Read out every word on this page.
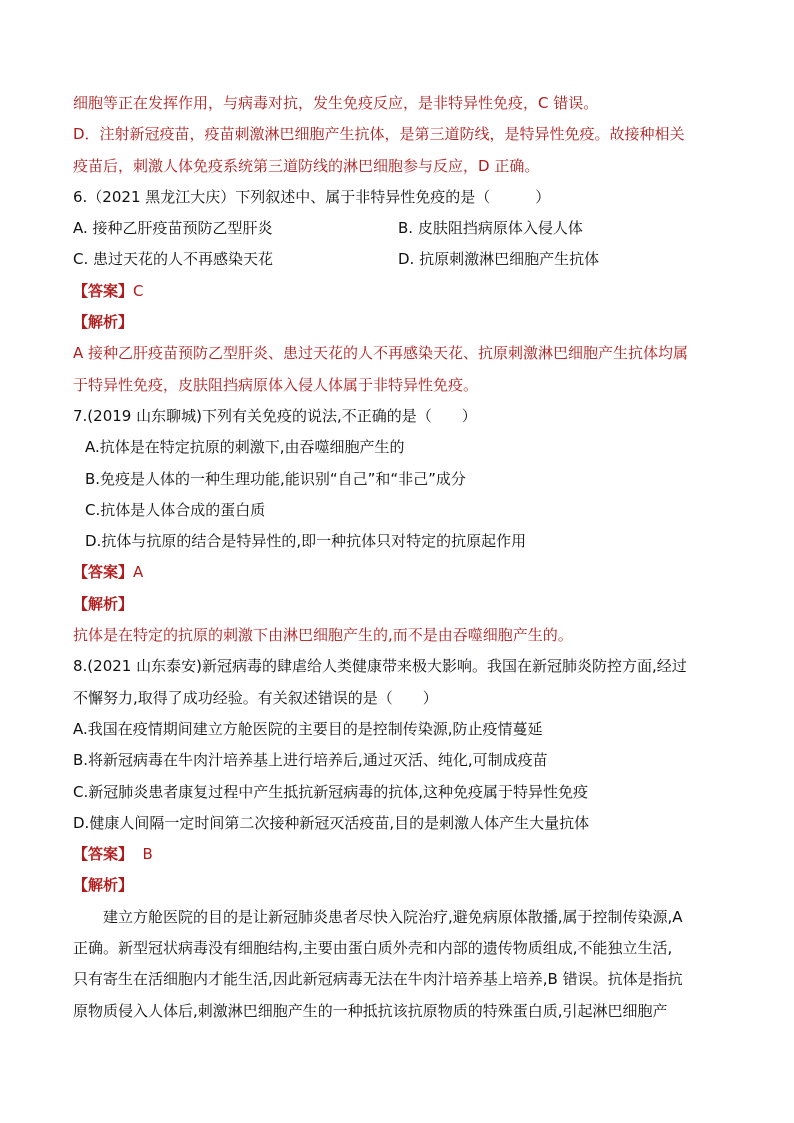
细胞等正在发挥作用，与病毒对抗，发生免疫反应，是非特异性免疫，C 错误。
D．注射新冠疫苗，疫苗刺激淋巴细胞产生抗体，是第三道防线，是特异性免疫。故接种相关
疫苗后，刺激人体免疫系统第三道防线的淋巴细胞参与反应，D 正确。
6.（2021 黑龙江大庆）下列叙述中、属于非特异性免疫的是（　　　）
A. 接种乙肝疫苗预防乙型肝炎	B. 皮肤阻挡病原体入侵人体
C. 患过天花的人不再感染天花	D. 抗原刺激淋巴细胞产生抗体
【答案】C
【解析】
A 接种乙肝疫苗预防乙型肝炎、患过天花的人不再感染天花、抗原刺激淋巴细胞产生抗体均属
于特异性免疫，皮肤阻挡病原体入侵人体属于非特异性免疫。
7.(2019 山东聊城)下列有关免疫的说法,不正确的是（　　）
A.抗体是在特定抗原的刺激下,由吞噬细胞产生的
B.免疫是人体的一种生理功能,能识别“自己”和“非己”成分
C.抗体是人体合成的蛋白质
D.抗体与抗原的结合是特异性的,即一种抗体只对特定的抗原起作用
【答案】A
【解析】
抗体是在特定的抗原的刺激下由淋巴细胞产生的,而不是由吞噬细胞产生的。
8.(2021 山东泰安)新冠病毒的肆虐给人类健康带来极大影响。我国在新冠肺炎防控方面,经过
不懈努力,取得了成功经验。有关叙述错误的是（　　）
A.我国在疫情期间建立方舱医院的主要目的是控制传染源,防止疫情蔓延
B.将新冠病毒在牛肉汁培养基上进行培养后,通过灭活、纯化,可制成疫苗
C.新冠肺炎患者康复过程中产生抵抗新冠病毒的抗体,这种免疫属于特异性免疫
D.健康人间隔一定时间第二次接种新冠灭活疫苗,目的是刺激人体产生大量抗体
【答案】  B
【解析】
建立方舱医院的目的是让新冠肺炎患者尽快入院治疗,避免病原体散播,属于控制传染源,A
正确。新型冠状病毒没有细胞结构,主要由蛋白质外壳和内部的遗传物质组成,不能独立生活,
只有寄生在活细胞内才能生活,因此新冠病毒无法在牛肉汁培养基上培养,B 错误。抗体是指抗
原物质侵入人体后,刺激淋巴细胞产生的一种抵抗该抗原物质的特殊蛋白质,引起淋巴细胞产
